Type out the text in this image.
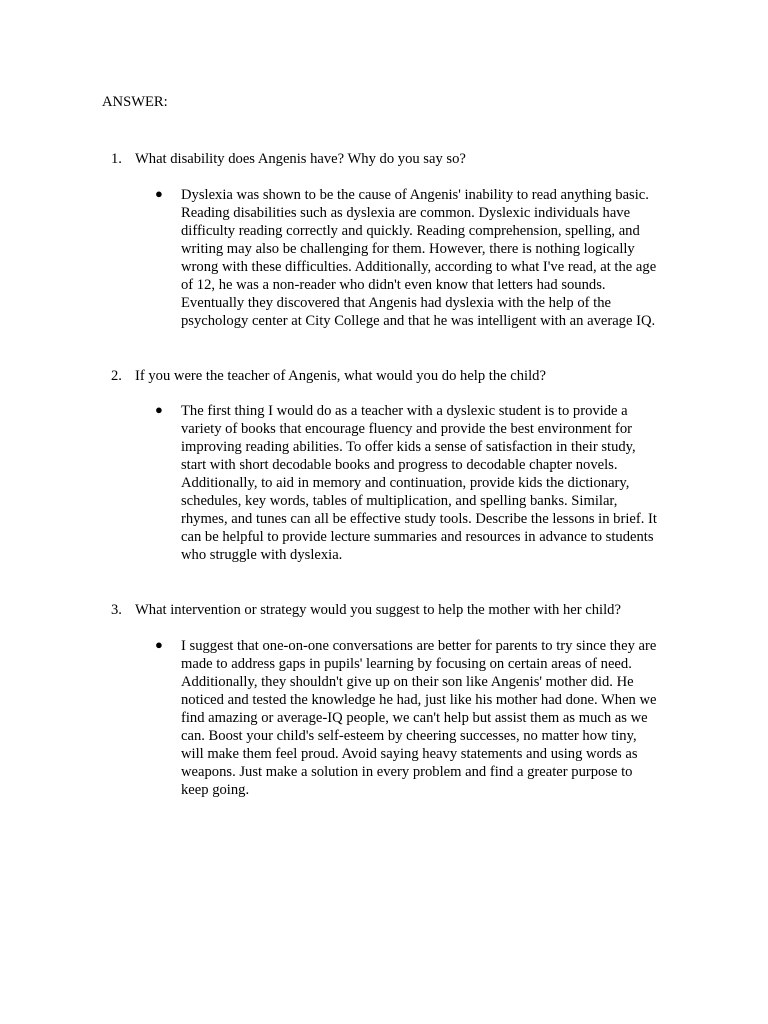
ANSWER:
1. What disability does Angenis have? Why do you say so?
● Dyslexia was shown to be the cause of Angenis' inability to read anything basic.
Reading disabilities such as dyslexia are common. Dyslexic individuals have
difficulty reading correctly and quickly. Reading comprehension, spelling, and
writing may also be challenging for them. However, there is nothing logically
wrong with these difficulties. Additionally, according to what I've read, at the age
of 12, he was a non-reader who didn't even know that letters had sounds.
Eventually they discovered that Angenis had dyslexia with the help of the
psychology center at City College and that he was intelligent with an average IQ.
2. If you were the teacher of Angenis, what would you do help the child?
● The first thing I would do as a teacher with a dyslexic student is to provide a
variety of books that encourage fluency and provide the best environment for
improving reading abilities. To offer kids a sense of satisfaction in their study,
start with short decodable books and progress to decodable chapter novels.
Additionally, to aid in memory and continuation, provide kids the dictionary,
schedules, key words, tables of multiplication, and spelling banks. Similar,
rhymes, and tunes can all be effective study tools. Describe the lessons in brief. It
can be helpful to provide lecture summaries and resources in advance to students
who struggle with dyslexia.
3. What intervention or strategy would you suggest to help the mother with her child?
● I suggest that one-on-one conversations are better for parents to try since they are
made to address gaps in pupils' learning by focusing on certain areas of need.
Additionally, they shouldn't give up on their son like Angenis' mother did. He
noticed and tested the knowledge he had, just like his mother had done. When we
find amazing or average-IQ people, we can't help but assist them as much as we
can. Boost your child's self-esteem by cheering successes, no matter how tiny,
will make them feel proud. Avoid saying heavy statements and using words as
weapons. Just make a solution in every problem and find a greater purpose to
keep going.
